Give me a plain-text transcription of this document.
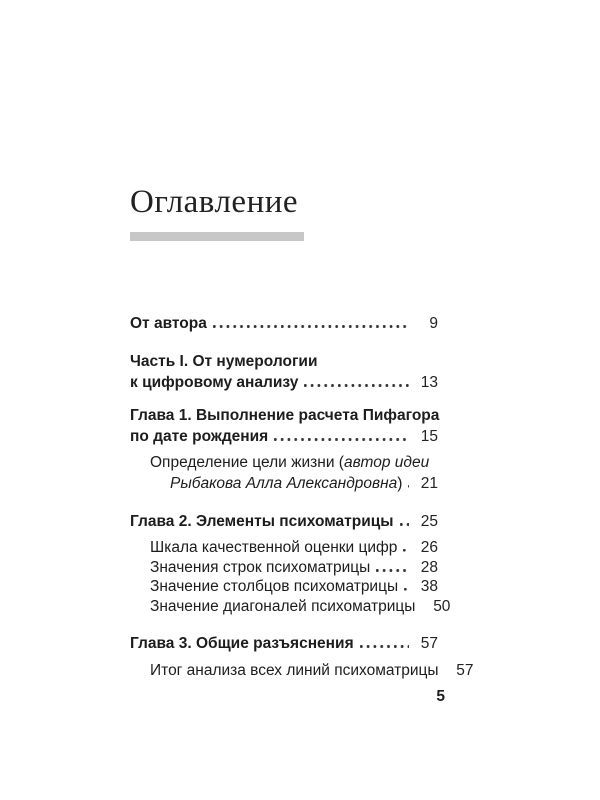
Оглавление
От автора	9
Часть I. От нумерологии
к цифровому анализу	13
Глава 1. Выполнение расчета Пифагора
по дате рождения	15
Определение цели жизни (автор идеи
Рыбакова Алла Александровна)	21
Глава 2. Элементы психоматрицы	25
Шкала качественной оценки цифр	26
Значения строк психоматрицы	28
Значение столбцов психоматрицы	38
Значение диагоналей психоматрицы	50
Глава 3. Общие разъяснения	57
Итог анализа всех линий психоматрицы	57
5
